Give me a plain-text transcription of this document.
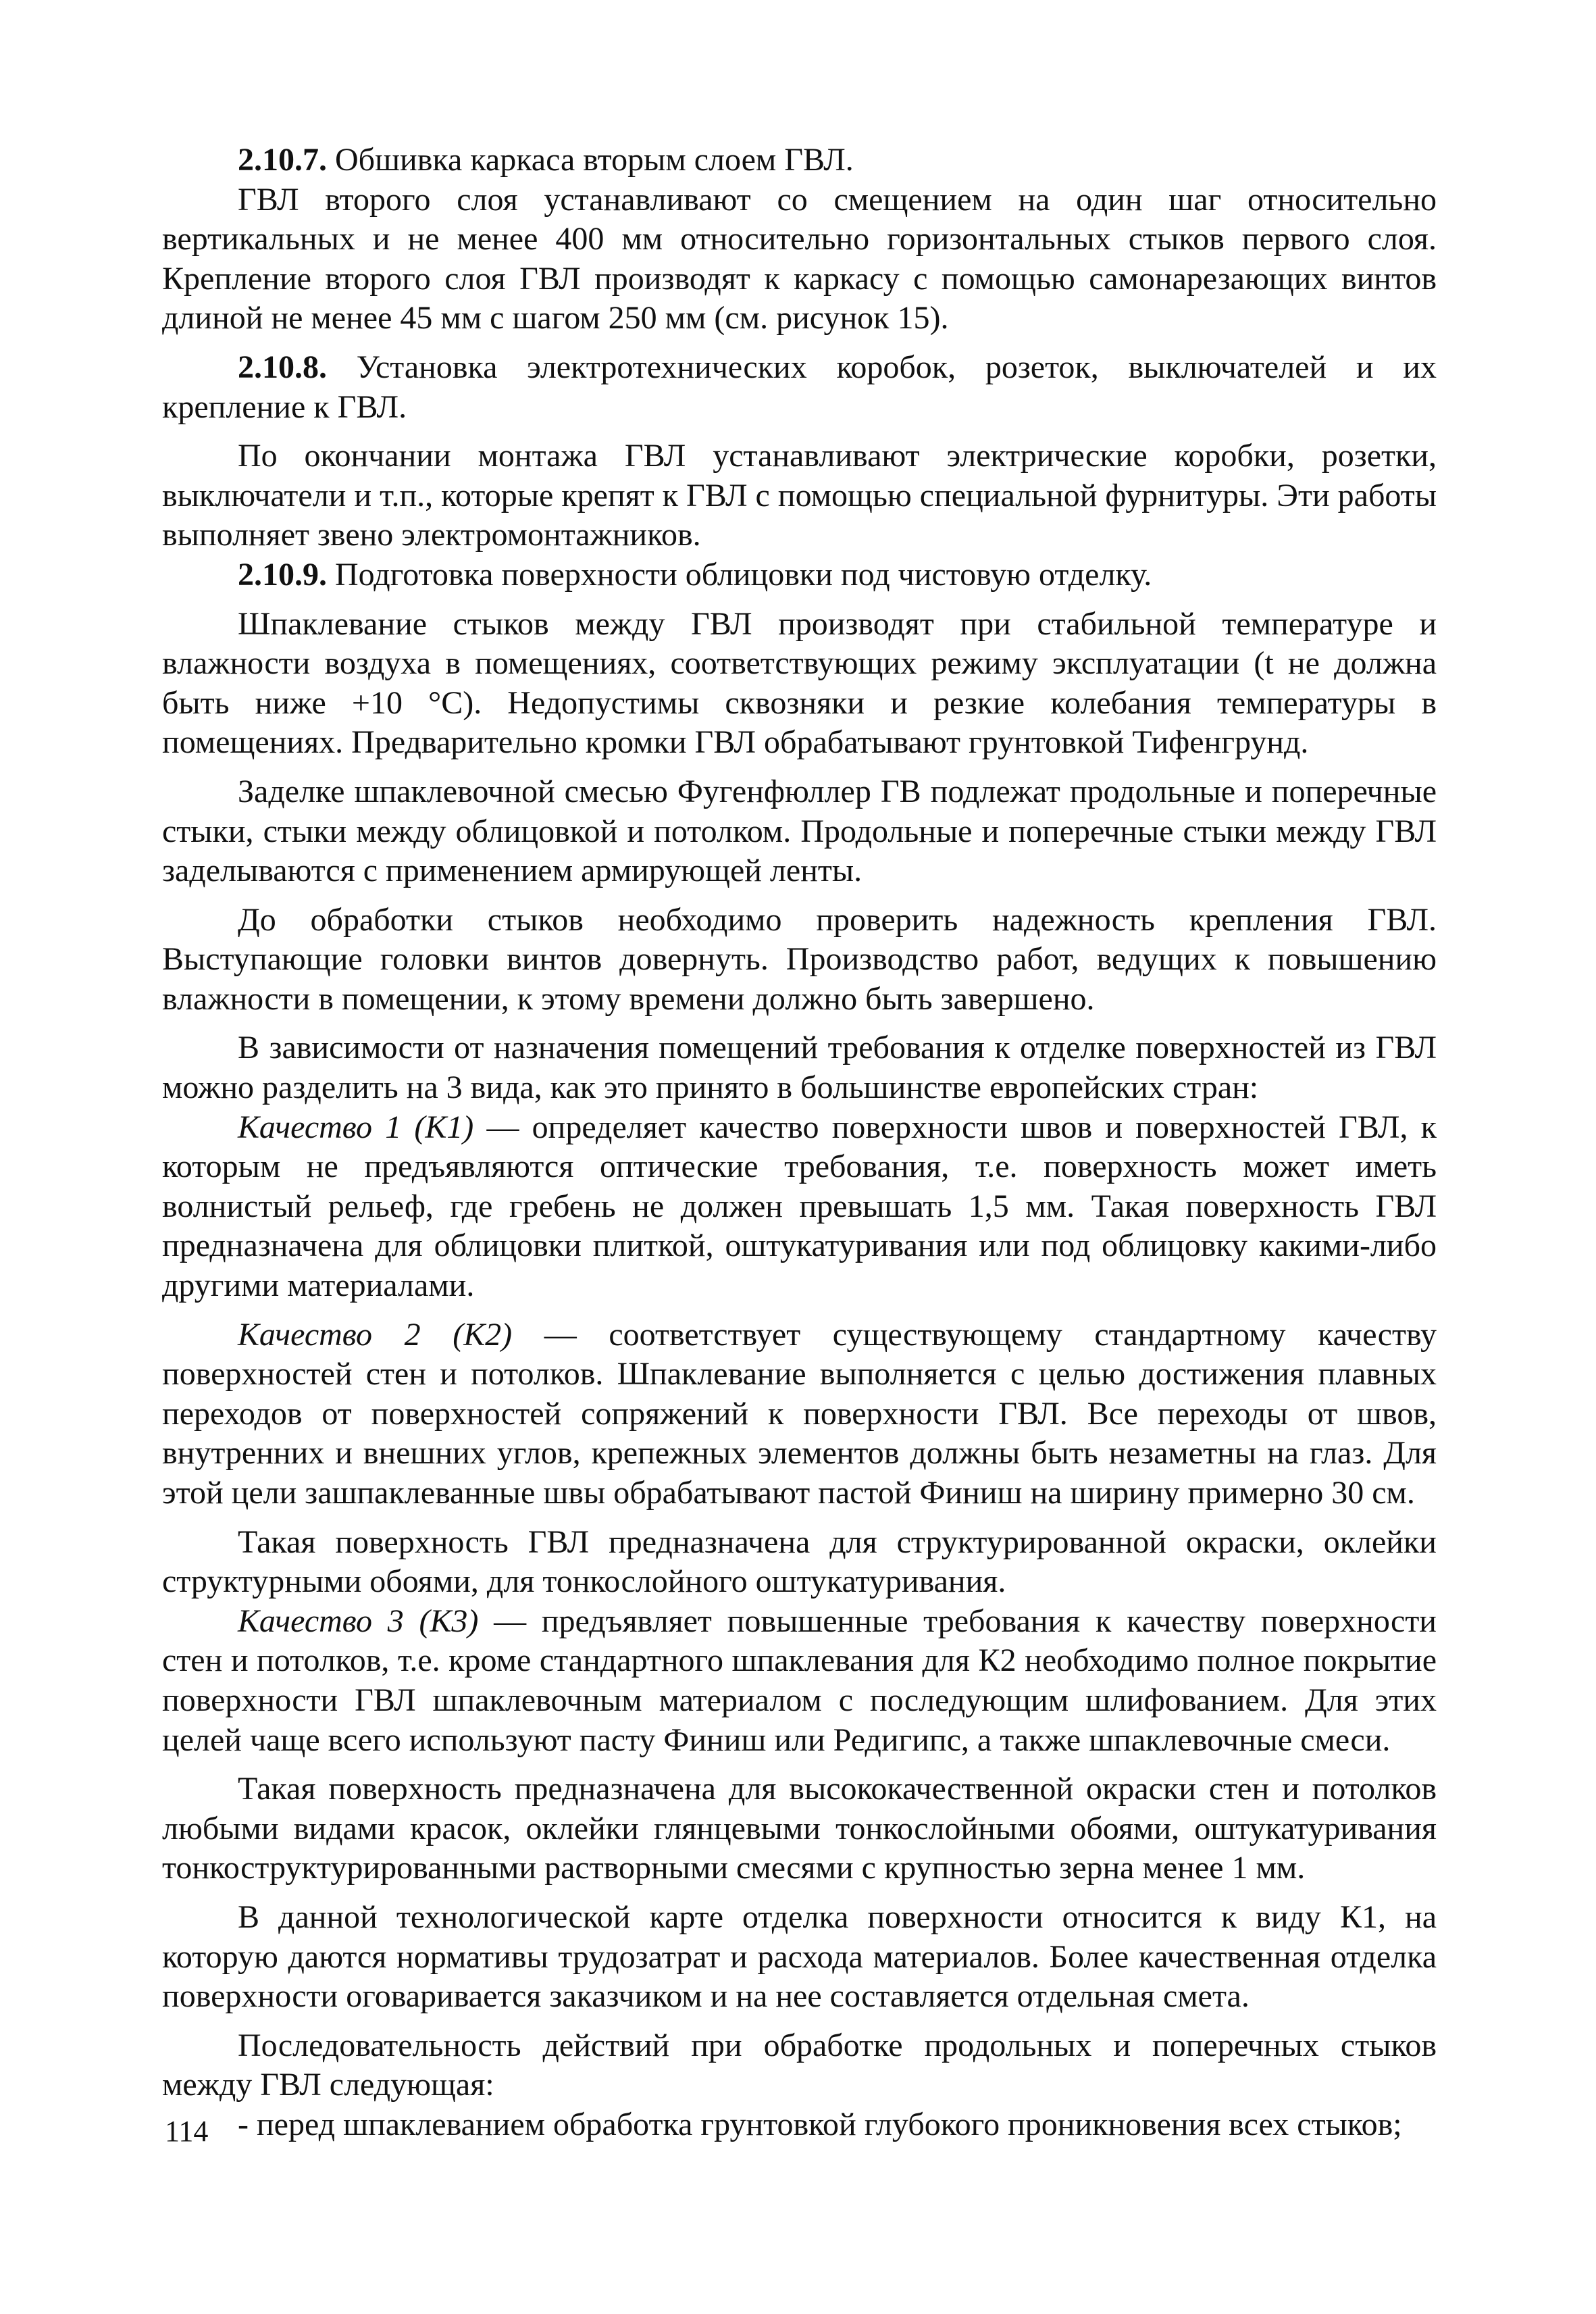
2.10.7. Обшивка каркаса вторым слоем ГВЛ.

ГВЛ второго слоя устанавливают со смещением на один шаг относительно вертикальных и не менее 400 мм относительно горизонтальных стыков первого слоя. Крепление второго слоя ГВЛ производят к каркасу с помощью самонарезающих винтов длиной не менее 45 мм с шагом 250 мм (см. рисунок 15).

2.10.8. Установка электротехнических коробок, розеток, выключателей и их крепление к ГВЛ.

По окончании монтажа ГВЛ устанавливают электрические коробки, розетки, выключатели и т.п., которые крепят к ГВЛ с помощью специальной фурнитуры. Эти работы выполняет звено электромонтажников.

2.10.9. Подготовка поверхности облицовки под чистовую отделку.

Шпаклевание стыков между ГВЛ производят при стабильной температуре и влажности воздуха в помещениях, соответствующих режиму эксплуатации (t не должна быть ниже +10 °С). Недопустимы сквозняки и резкие колебания температуры в помещениях. Предварительно кромки ГВЛ обрабатывают грунтовкой Тифенгрунд.

Заделке шпаклевочной смесью Фугенфюллер ГВ подлежат продольные и поперечные стыки, стыки между облицовкой и потолком. Продольные и поперечные стыки между ГВЛ заделываются с применением армирующей ленты.

До обработки стыков необходимо проверить надежность крепления ГВЛ. Выступающие головки винтов довернуть. Производство работ, ведущих к повышению влажности в помещении, к этому времени должно быть завершено.

В зависимости от назначения помещений требования к отделке поверхностей из ГВЛ можно разделить на 3 вида, как это принято в большинстве европейских стран:

Качество 1 (К1) — определяет качество поверхности швов и поверхностей ГВЛ, к которым не предъявляются оптические требования, т.е. поверхность может иметь волнистый рельеф, где гребень не должен превышать 1,5 мм. Такая поверхность ГВЛ предназначена для облицовки плиткой, оштукатуривания или под облицовку какими-либо другими материалами.

Качество 2 (К2) — соответствует существующему стандартному качеству поверхностей стен и потолков. Шпаклевание выполняется с целью достижения плавных переходов от поверхностей сопряжений к поверхности ГВЛ. Все переходы от швов, внутренних и внешних углов, крепежных элементов должны быть незаметны на глаз. Для этой цели зашпаклеванные швы обрабатывают пастой Финиш на ширину примерно 30 см.

Такая поверхность ГВЛ предназначена для структурированной окраски, оклейки структурными обоями, для тонкослойного оштукатуривания.

Качество 3 (К3) — предъявляет повышенные требования к качеству поверхности стен и потолков, т.е. кроме стандартного шпаклевания для К2 необходимо полное покрытие поверхности ГВЛ шпаклевочным материалом с последующим шлифованием. Для этих целей чаще всего используют пасту Финиш или Редигипс, а также шпаклевочные смеси.

Такая поверхность предназначена для высококачественной окраски стен и потолков любыми видами красок, оклейки глянцевыми тонкослойными обоями, оштукатуривания тонкоструктурированными растворными смесями с крупностью зерна менее 1 мм.

В данной технологической карте отделка поверхности относится к виду К1, на которую даются нормативы трудозатрат и расхода материалов. Более качественная отделка поверхности оговаривается заказчиком и на нее составляется отдельная смета.

Последовательность действий при обработке продольных и поперечных стыков между ГВЛ следующая:

- перед шпаклеванием обработка грунтовкой глубокого проникновения всех стыков;

114
